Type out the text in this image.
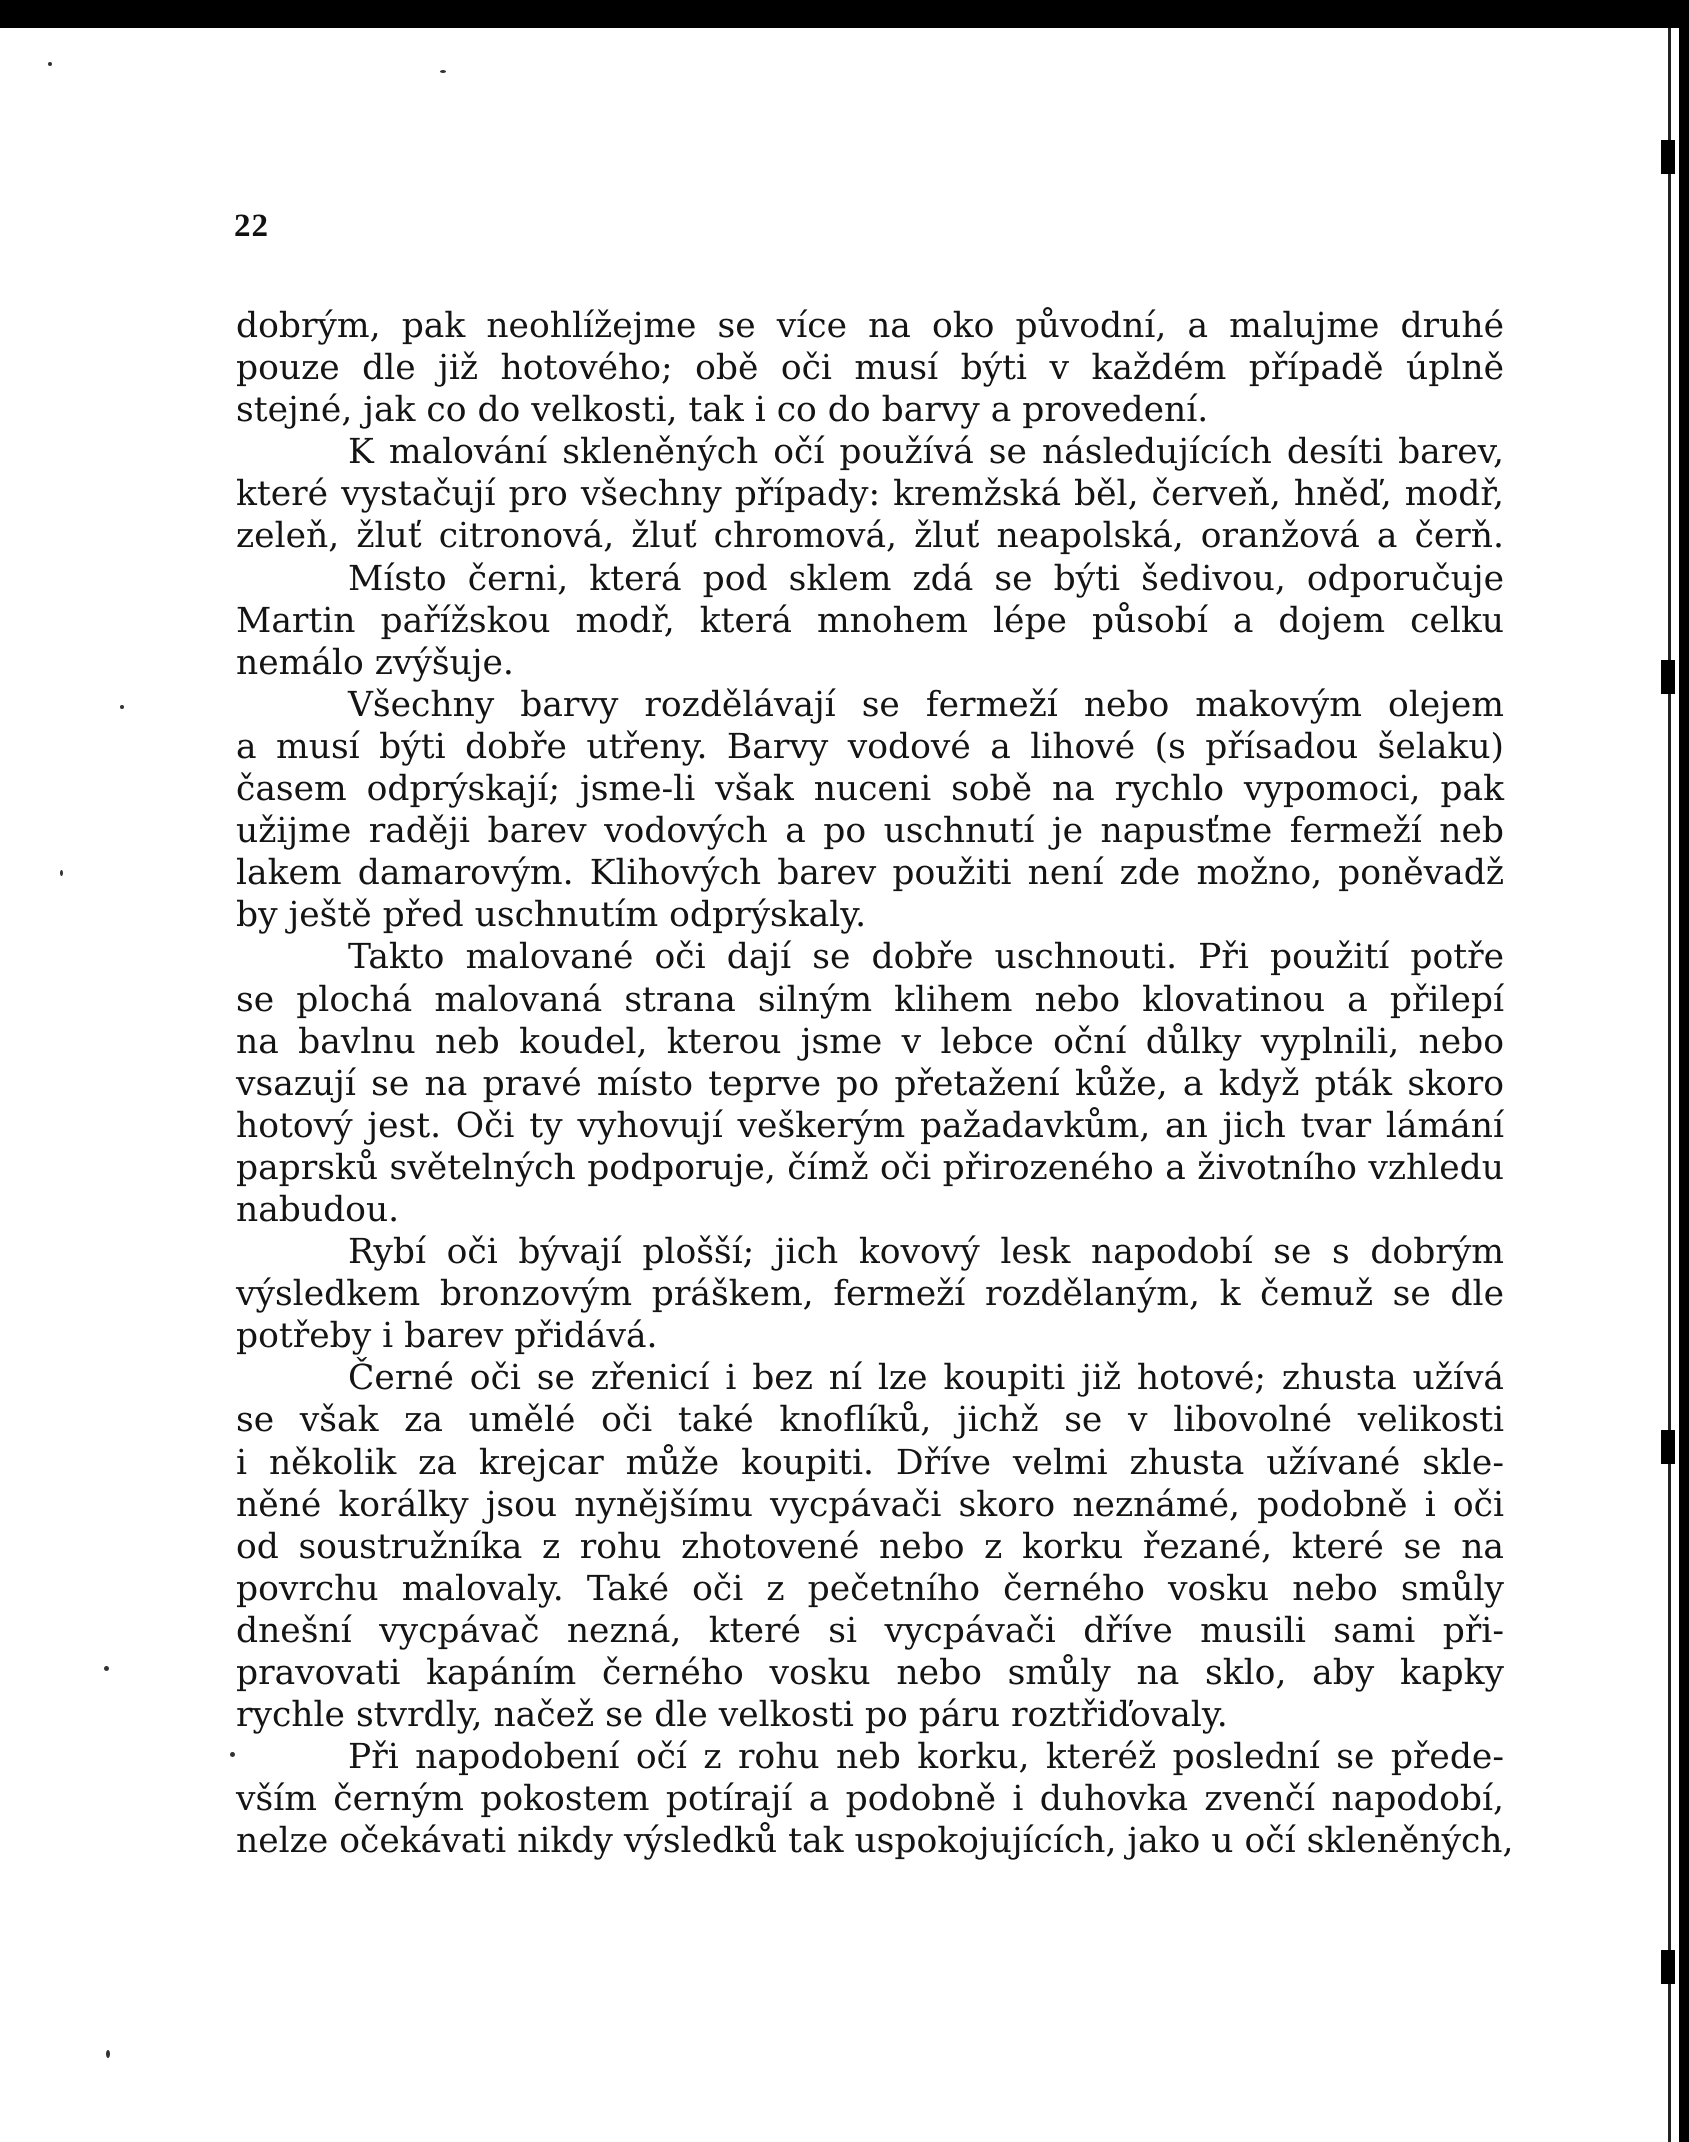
22
dobrým, pak neohlížejme se více na oko původní, a malujme druhé
pouze dle již hotového; obě oči musí býti v každém případě úplně
stejné, jak co do velkosti, tak i co do barvy a provedení.
K malování skleněných očí používá se následujících desíti barev,
které vystačují pro všechny případy: kremžská běl, červeň, hněď, modř,
zeleň, žluť citronová, žluť chromová, žluť neapolská, oranžová a čerň.
Místo černi, která pod sklem zdá se býti šedivou, odporučuje
Martin pařížskou modř, která mnohem lépe působí a dojem celku
nemálo zvýšuje.
Všechny barvy rozdělávají se fermeží nebo makovým olejem
a musí býti dobře utřeny. Barvy vodové a lihové (s přísadou šelaku)
časem odprýskají; jsme-li však nuceni sobě na rychlo vypomoci, pak
užijme raději barev vodových a po uschnutí je napusťme fermeží neb
lakem damarovým. Klihových barev použiti není zde možno, poněvadž
by ještě před uschnutím odprýskaly.
Takto malované oči dají se dobře uschnouti. Při použití potře
se plochá malovaná strana silným klihem nebo klovatinou a přilepí
na bavlnu neb koudel, kterou jsme v lebce oční důlky vyplnili, nebo
vsazují se na pravé místo teprve po přetažení kůže, a když pták skoro
hotový jest. Oči ty vyhovují veškerým pažadavkům, an jich tvar lámání
paprsků světelných podporuje, čímž oči přirozeného a životního vzhledu
nabudou.
Rybí oči bývají plošší; jich kovový lesk napodobí se s dobrým
výsledkem bronzovým práškem, fermeží rozdělaným, k čemuž se dle
potřeby i barev přidává.
Černé oči se zřenicí i bez ní lze koupiti již hotové; zhusta užívá
se však za umělé oči také knoflíků, jichž se v libovolné velikosti
i několik za krejcar může koupiti. Dříve velmi zhusta užívané skle-
něné korálky jsou nynějšímu vycpávači skoro neznámé, podobně i oči
od soustružníka z rohu zhotovené nebo z korku řezané, které se na
povrchu malovaly. Také oči z pečetního černého vosku nebo smůly
dnešní vycpávač nezná, které si vycpávači dříve musili sami při-
pravovati kapáním černého vosku nebo smůly na sklo, aby kapky
rychle stvrdly, načež se dle velkosti po páru roztřiďovaly.
Při napodobení očí z rohu neb korku, kteréž poslední se přede-
vším černým pokostem potírají a podobně i duhovka zvenčí napodobí,
nelze očekávati nikdy výsledků tak uspokojujících, jako u očí skleněných,
